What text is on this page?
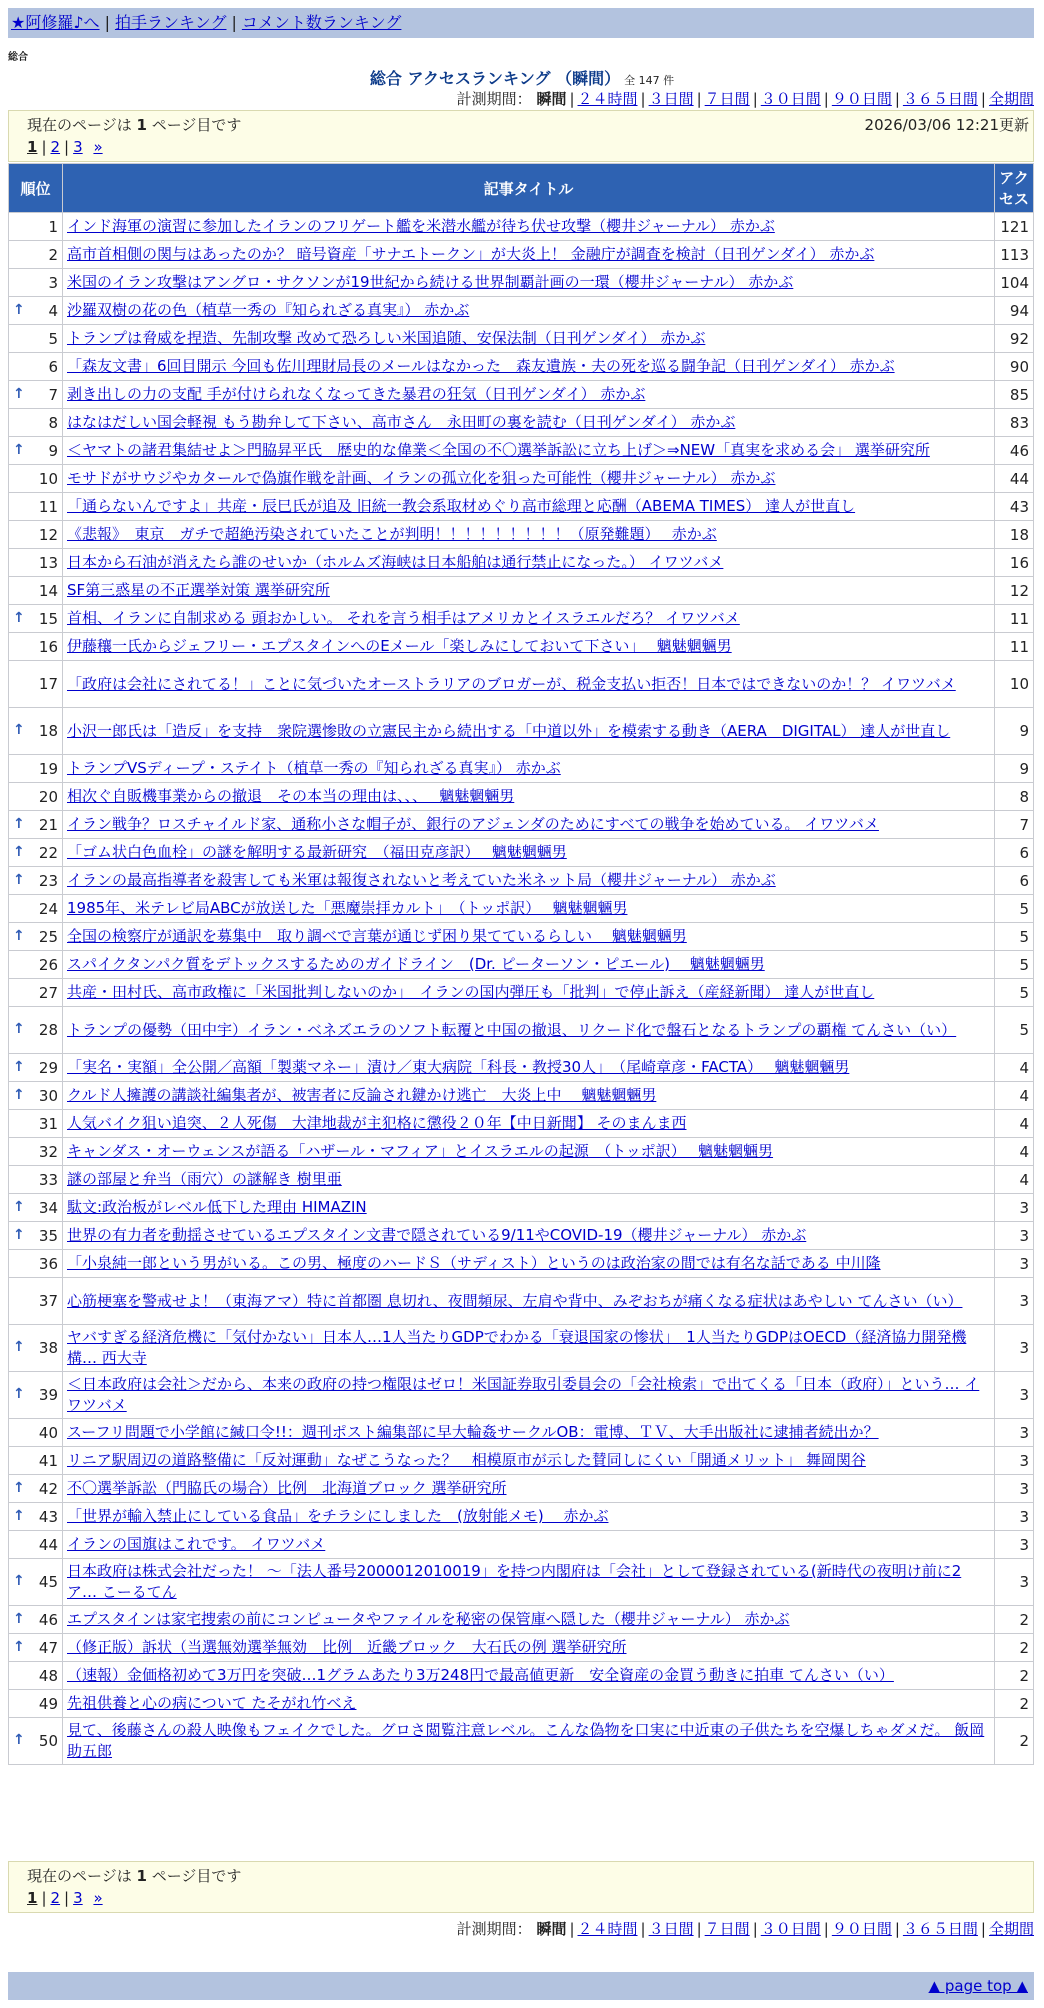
★阿修羅♪へ | 拍手ランキング | コメント数ランキング
総合
総合 アクセスランキング （瞬間） 全 147 件
計測期間： 瞬間 | ２４時間 | ３日間 | ７日間 | ３０日間 | ９０日間 | ３６５日間 | 全期間
現在のページは 1 ページ目です	2026/03/06 12:21更新
1 | 2 | 3 »
順位	記事タイトル	アクセス
1	インド海軍の演習に参加したイランのフリゲート艦を米潜水艦が待ち伏せ攻撃（櫻井ジャーナル） 赤かぶ	121
2	高市首相側の関与はあったのか？ 暗号資産「サナエトークン」が大炎上！ 金融庁が調査を検討（日刊ゲンダイ） 赤かぶ	113
3	米国のイラン攻撃はアングロ・サクソンが19世紀から続ける世界制覇計画の一環（櫻井ジャーナル） 赤かぶ	104

↑ 4	沙羅双樹の花の色（植草一秀の『知られざる真実』） 赤かぶ	94
5	トランプは脅威を捏造、先制攻撃 改めて恐ろしい米国追随、安保法制（日刊ゲンダイ） 赤かぶ	92
6	「森友文書」6回目開示 今回も佐川理財局長のメールはなかった　森友遺族・夫の死を巡る闘争記（日刊ゲンダイ） 赤かぶ	90

↑ 7	剥き出しの力の支配 手が付けられなくなってきた暴君の狂気（日刊ゲンダイ） 赤かぶ	85
8	はなはだしい国会軽視 もう勘弁して下さい、高市さん　永田町の裏を読む（日刊ゲンダイ） 赤かぶ	83

↑ 9	＜ヤマトの諸君集結せよ＞門脇昇平氏　歴史的な偉業＜全国の不〇選挙訴訟に立ち上げ＞⇒NEW「真実を求める会」 選挙研究所	46
10	モサドがサウジやカタールで偽旗作戦を計画、イランの孤立化を狙った可能性（櫻井ジャーナル） 赤かぶ	44
11	「通らないんですよ」共産・辰巳氏が追及 旧統一教会系取材めぐり高市総理と応酬（ABEMA TIMES） 達人が世直し	43
12	《悲報》　東京　ガチで超絶汚染されていたことが判明！！！！！！！！！（原発難題）　 赤かぶ	18
13	日本から石油が消えたら誰のせいか（ホルムズ海峡は日本船舶は通行禁止になった。） イワツバメ	16
14	SF第三惑星の不正選挙対策 選挙研究所	12

↑ 15	首相、イランに自制求める 頭おかしい。 それを言う相手はアメリカとイスラエルだろ？ イワツバメ	11
16	伊藤穰一氏からジェフリー・エプスタインへのEメール「楽しみにしておいて下さい」　 魑魅魍魎男	11
17	「政府は会社にされてる！」ことに気づいたオーストラリアのブロガーが、税金支払い拒否！日本ではできないのか！？ イワツバメ	10

↑ 18	小沢一郎氏は「造反」を支持　衆院選惨敗の立憲民主から続出する「中道以外」を模索する動き（AERA　DIGITAL） 達人が世直し	9
19	トランプVSディープ・ステイト（植草一秀の『知られざる真実』） 赤かぶ	9
20	相次ぐ自販機事業からの撤退　その本当の理由は、、、　 魑魅魍魎男	8

↑ 21	イラン戦争？ロスチャイルド家、通称小さな帽子が、銀行のアジェンダのためにすべての戦争を始めている。 イワツバメ	7

↑ 22	「ゴム状白色血栓」の謎を解明する最新研究　（福田克彦訳）　 魑魅魍魎男	6

↑ 23	イランの最高指導者を殺害しても米軍は報復されないと考えていた米ネット局（櫻井ジャーナル） 赤かぶ	6
24	1985年、米テレビ局ABCが放送した「悪魔崇拝カルト」　（トッポ訳）　 魑魅魍魎男	5

↑ 25	全国の検察庁が通訳を募集中　取り調べで言葉が通じず困り果てているらしい　 魑魅魍魎男	5
26	スパイクタンパク質をデトックスするためのガイドライン　(Dr. ピーターソン・ピエール)　 魑魅魍魎男	5
27	共産・田村氏、高市政権に「米国批判しないのか」　イランの国内弾圧も「批判」で停止訴え（産経新聞） 達人が世直し	5

↑ 28	トランプの優勢（田中宇）イラン・ベネズエラのソフト転覆と中国の撤退、リクード化で盤石となるトランプの覇権 てんさい（い）	5

↑ 29	「実名・実額」全公開／高額「製薬マネー」漬け／東大病院「科長・教授30人」　（尾崎章彦・FACTA）　 魑魅魍魎男	4

↑ 30	クルド人擁護の講談社編集者が、被害者に反論され鍵かけ逃亡　大炎上中　 魑魅魍魎男	4
31	人気バイク狙い追突、２人死傷　大津地裁が主犯格に懲役２０年【中日新聞】 そのまんま西	4
32	キャンダス・オーウェンスが語る「ハザール・マフィア」とイスラエルの起源　（トッポ訳）　 魑魅魍魎男	4
33	謎の部屋と弁当（雨穴）の謎解き 樹里亜	4

↑ 34	駄文:政治板がレベル低下した理由 HIMAZIN	3

↑ 35	世界の有力者を動揺させているエプスタイン文書で隠されている9/11やCOVID-19（櫻井ジャーナル） 赤かぶ	3
36	「小泉純一郎という男がいる。この男、極度のハードＳ（サディスト）というのは政治家の間では有名な話である 中川隆	3
37	心筋梗塞を警戒せよ！（東海アマ）特に首都圏 息切れ、夜間頻尿、左肩や背中、みぞおちが痛くなる症状はあやしい てんさい（い）	3

↑ 38	ヤバすぎる経済危機に「気付かない」日本人…1人当たりGDPでわかる「衰退国家の惨状」　1人当たりGDPはOECD（経済協力開発機構… 西大寺	3

↑ 39	＜日本政府は会社＞だから、本来の政府の持つ権限はゼロ！米国証券取引委員会の「会社検索」で出てくる「日本（政府）」という… イワツバメ	3
40	スーフリ問題で小学館に緘口令!!：週刊ポスト編集部に早大輪姦サークルOB：電博、ＴＶ、大手出版社に逮捕者続出か？	3
41	リニア駅周辺の道路整備に「反対運動」なぜこうなった？　相模原市が示した賛同しにくい「開通メリット」 舞岡関谷	3

↑ 42	不〇選挙訴訟（門脇氏の場合）比例　北海道ブロック 選挙研究所	3

↑ 43	「世界が輸入禁止にしている食品」をチラシにしました　(放射能メモ)　 赤かぶ	3
44	イランの国旗はこれです。 イワツバメ	3

↑ 45	日本政府は株式会社だった！ ～「法人番号2000012010019」を持つ内閣府は「会社」として登録されている(新時代の夜明け前に2ア… こーるてん	3

↑ 46	エプスタインは家宅捜索の前にコンピュータやファイルを秘密の保管庫へ隠した（櫻井ジャーナル） 赤かぶ	2

↑ 47	（修正版）訴状（当選無効選挙無効　比例　近畿ブロック　大石氏の例 選挙研究所	2
48	（速報）金価格初めて3万円を突破…1グラムあたり3万248円で最高値更新　安全資産の金買う動きに拍車 てんさい（い）	2
49	先祖供養と心の病について たそがれ竹べえ	2

↑ 50	見て、後藤さんの殺人映像もフェイクでした。グロさ閲覧注意レベル。こんな偽物を口実に中近東の子供たちを空爆しちゃダメだ。 飯岡助五郎	2
現在のページは 1 ページ目です
1 | 2 | 3 »
計測期間： 瞬間 | ２４時間 | ３日間 | ７日間 | ３０日間 | ９０日間 | ３６５日間 | 全期間
▲ page top ▲
